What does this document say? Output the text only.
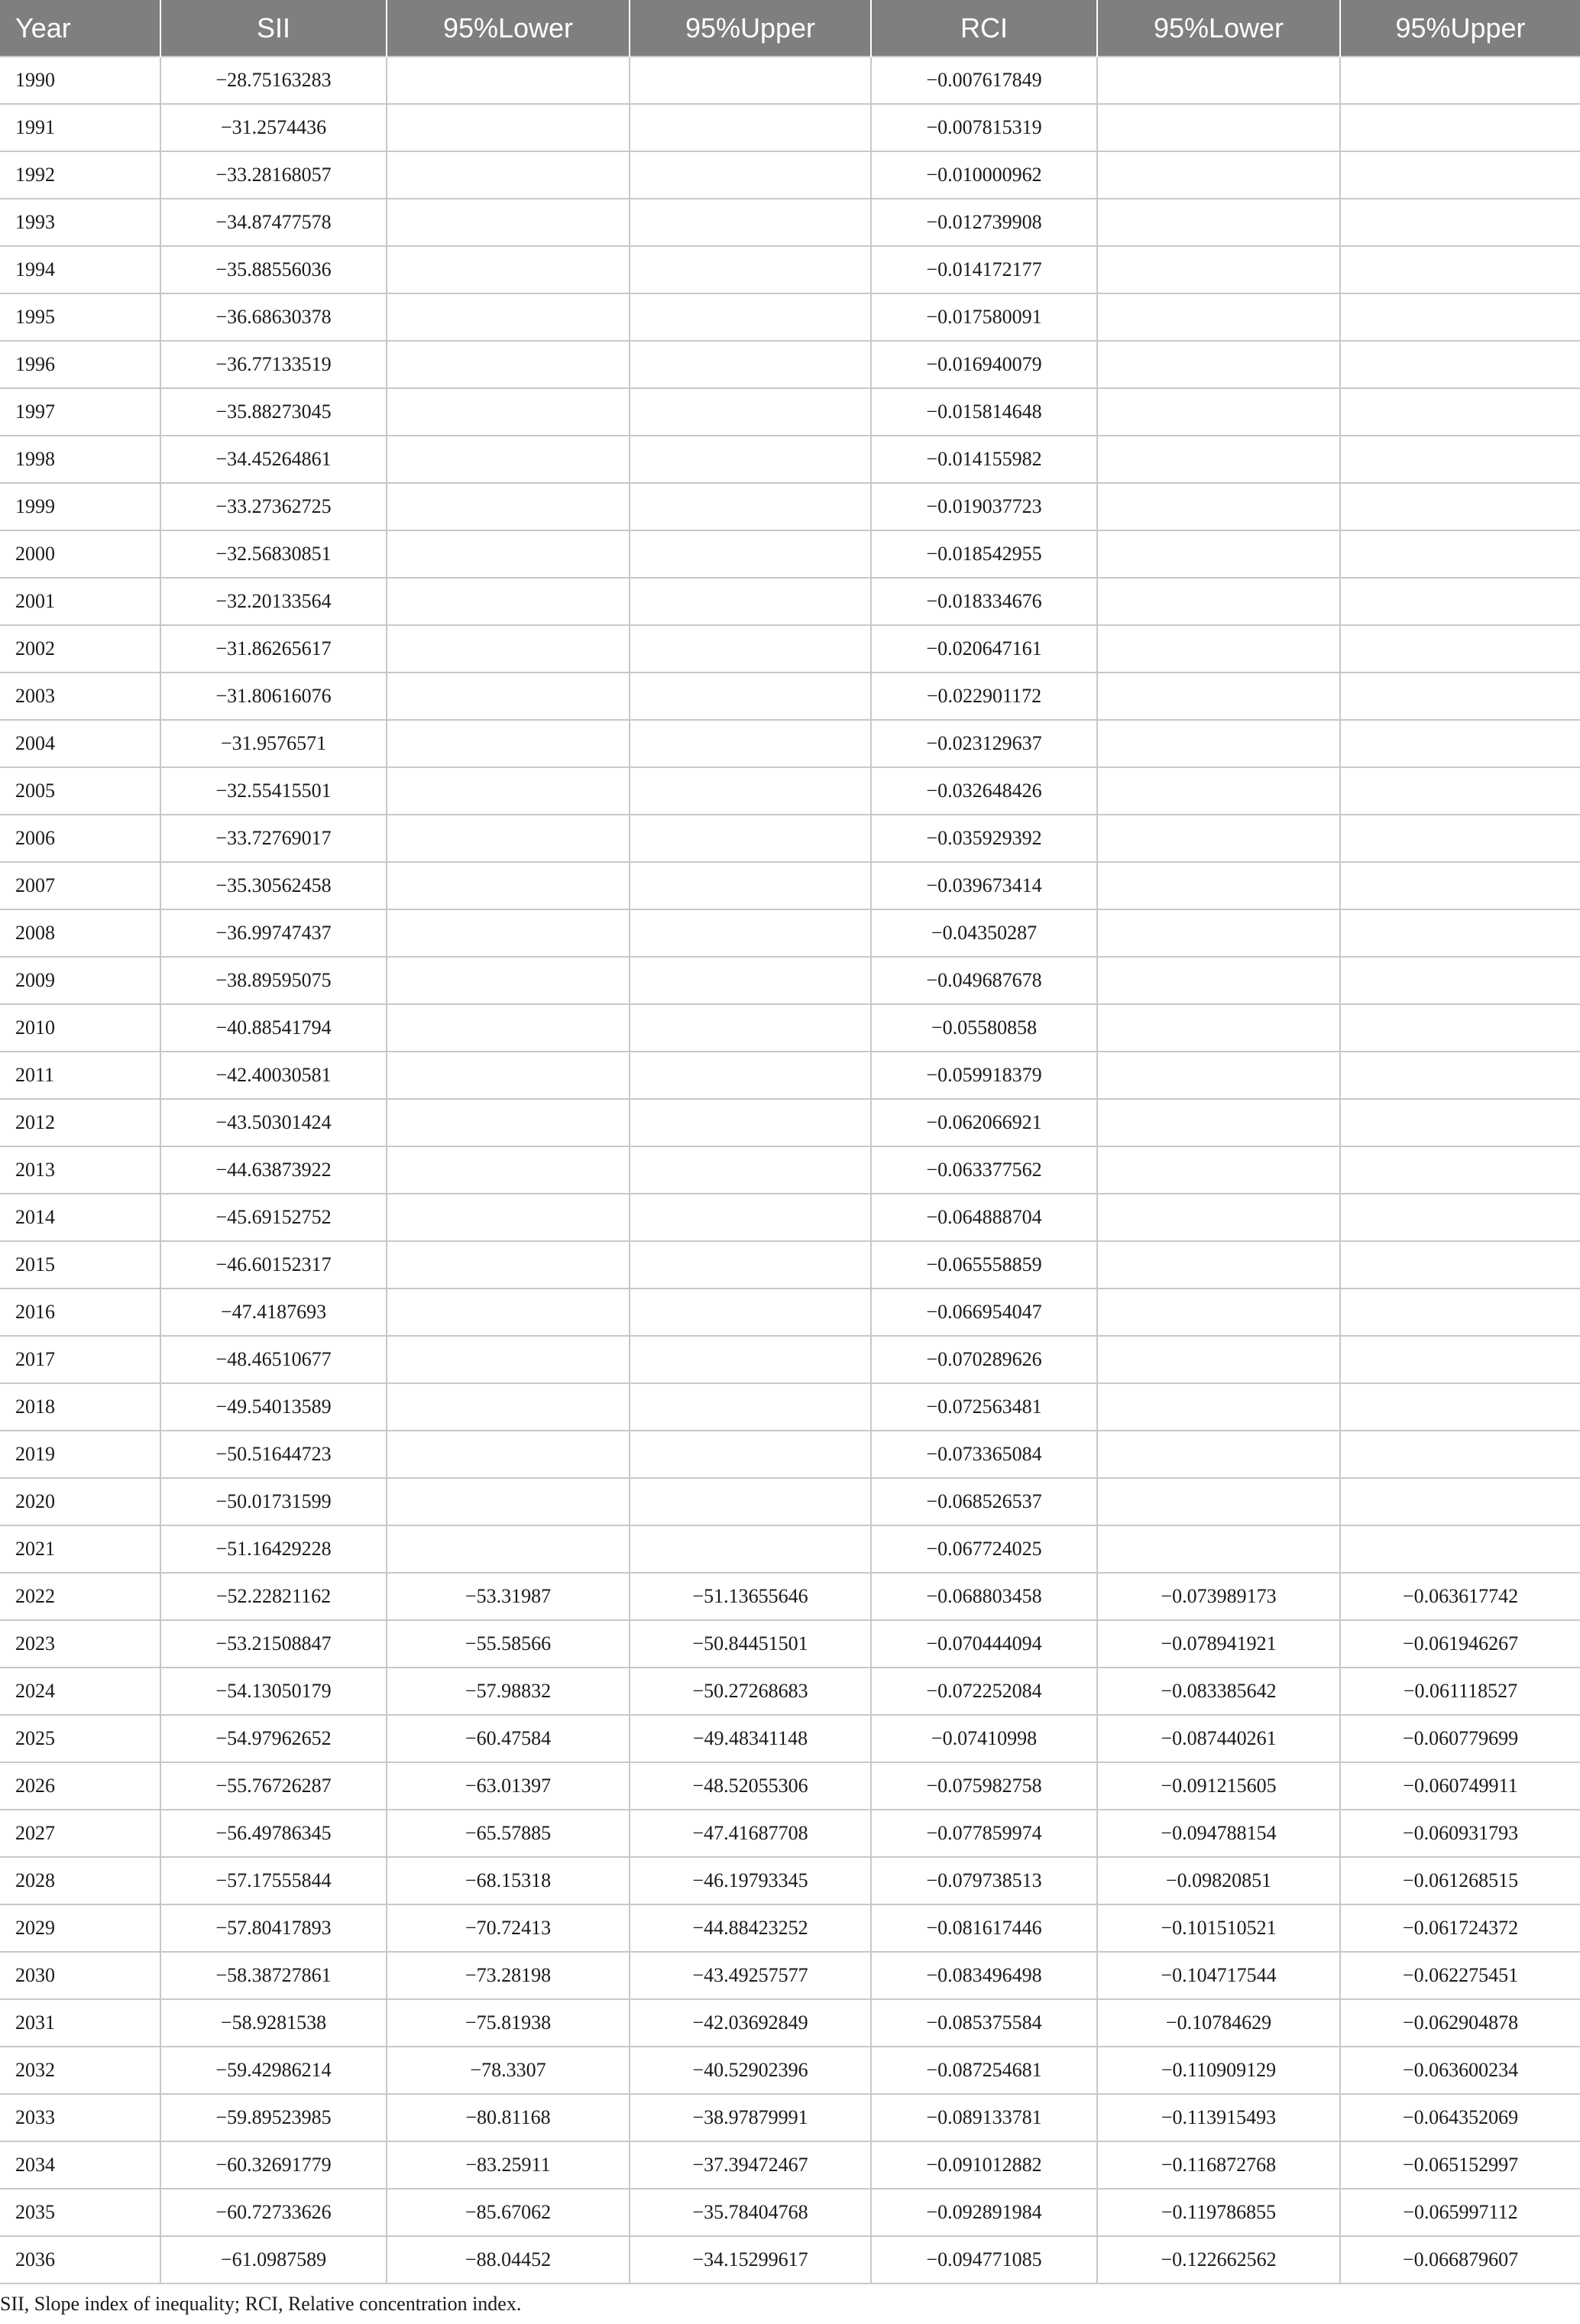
Year	SII	95%Lower	95%Upper	RCI	95%Lower	95%Upper
1990	−28.75163283			−0.007617849		
1991	−31.2574436			−0.007815319		
1992	−33.28168057			−0.010000962		
1993	−34.87477578			−0.012739908		
1994	−35.88556036			−0.014172177		
1995	−36.68630378			−0.017580091		
1996	−36.77133519			−0.016940079		
1997	−35.88273045			−0.015814648		
1998	−34.45264861			−0.014155982		
1999	−33.27362725			−0.019037723		
2000	−32.56830851			−0.018542955		
2001	−32.20133564			−0.018334676		
2002	−31.86265617			−0.020647161		
2003	−31.80616076			−0.022901172		
2004	−31.9576571			−0.023129637		
2005	−32.55415501			−0.032648426		
2006	−33.72769017			−0.035929392		
2007	−35.30562458			−0.039673414		
2008	−36.99747437			−0.04350287		
2009	−38.89595075			−0.049687678		
2010	−40.88541794			−0.05580858		
2011	−42.40030581			−0.059918379		
2012	−43.50301424			−0.062066921		
2013	−44.63873922			−0.063377562		
2014	−45.69152752			−0.064888704		
2015	−46.60152317			−0.065558859		
2016	−47.4187693			−0.066954047		
2017	−48.46510677			−0.070289626		
2018	−49.54013589			−0.072563481		
2019	−50.51644723			−0.073365084		
2020	−50.01731599			−0.068526537		
2021	−51.16429228			−0.067724025		
2022	−52.22821162	−53.31987	−51.13655646	−0.068803458	−0.073989173	−0.063617742
2023	−53.21508847	−55.58566	−50.84451501	−0.070444094	−0.078941921	−0.061946267
2024	−54.13050179	−57.98832	−50.27268683	−0.072252084	−0.083385642	−0.061118527
2025	−54.97962652	−60.47584	−49.48341148	−0.07410998	−0.087440261	−0.060779699
2026	−55.76726287	−63.01397	−48.52055306	−0.075982758	−0.091215605	−0.060749911
2027	−56.49786345	−65.57885	−47.41687708	−0.077859974	−0.094788154	−0.060931793
2028	−57.17555844	−68.15318	−46.19793345	−0.079738513	−0.09820851	−0.061268515
2029	−57.80417893	−70.72413	−44.88423252	−0.081617446	−0.101510521	−0.061724372
2030	−58.38727861	−73.28198	−43.49257577	−0.083496498	−0.104717544	−0.062275451
2031	−58.9281538	−75.81938	−42.03692849	−0.085375584	−0.10784629	−0.062904878
2032	−59.42986214	−78.3307	−40.52902396	−0.087254681	−0.110909129	−0.063600234
2033	−59.89523985	−80.81168	−38.97879991	−0.089133781	−0.113915493	−0.064352069
2034	−60.32691779	−83.25911	−37.39472467	−0.091012882	−0.116872768	−0.065152997
2035	−60.72733626	−85.67062	−35.78404768	−0.092891984	−0.119786855	−0.065997112
2036	−61.0987589	−88.04452	−34.15299617	−0.094771085	−0.122662562	−0.066879607
SII, Slope index of inequality; RCI, Relative concentration index.
